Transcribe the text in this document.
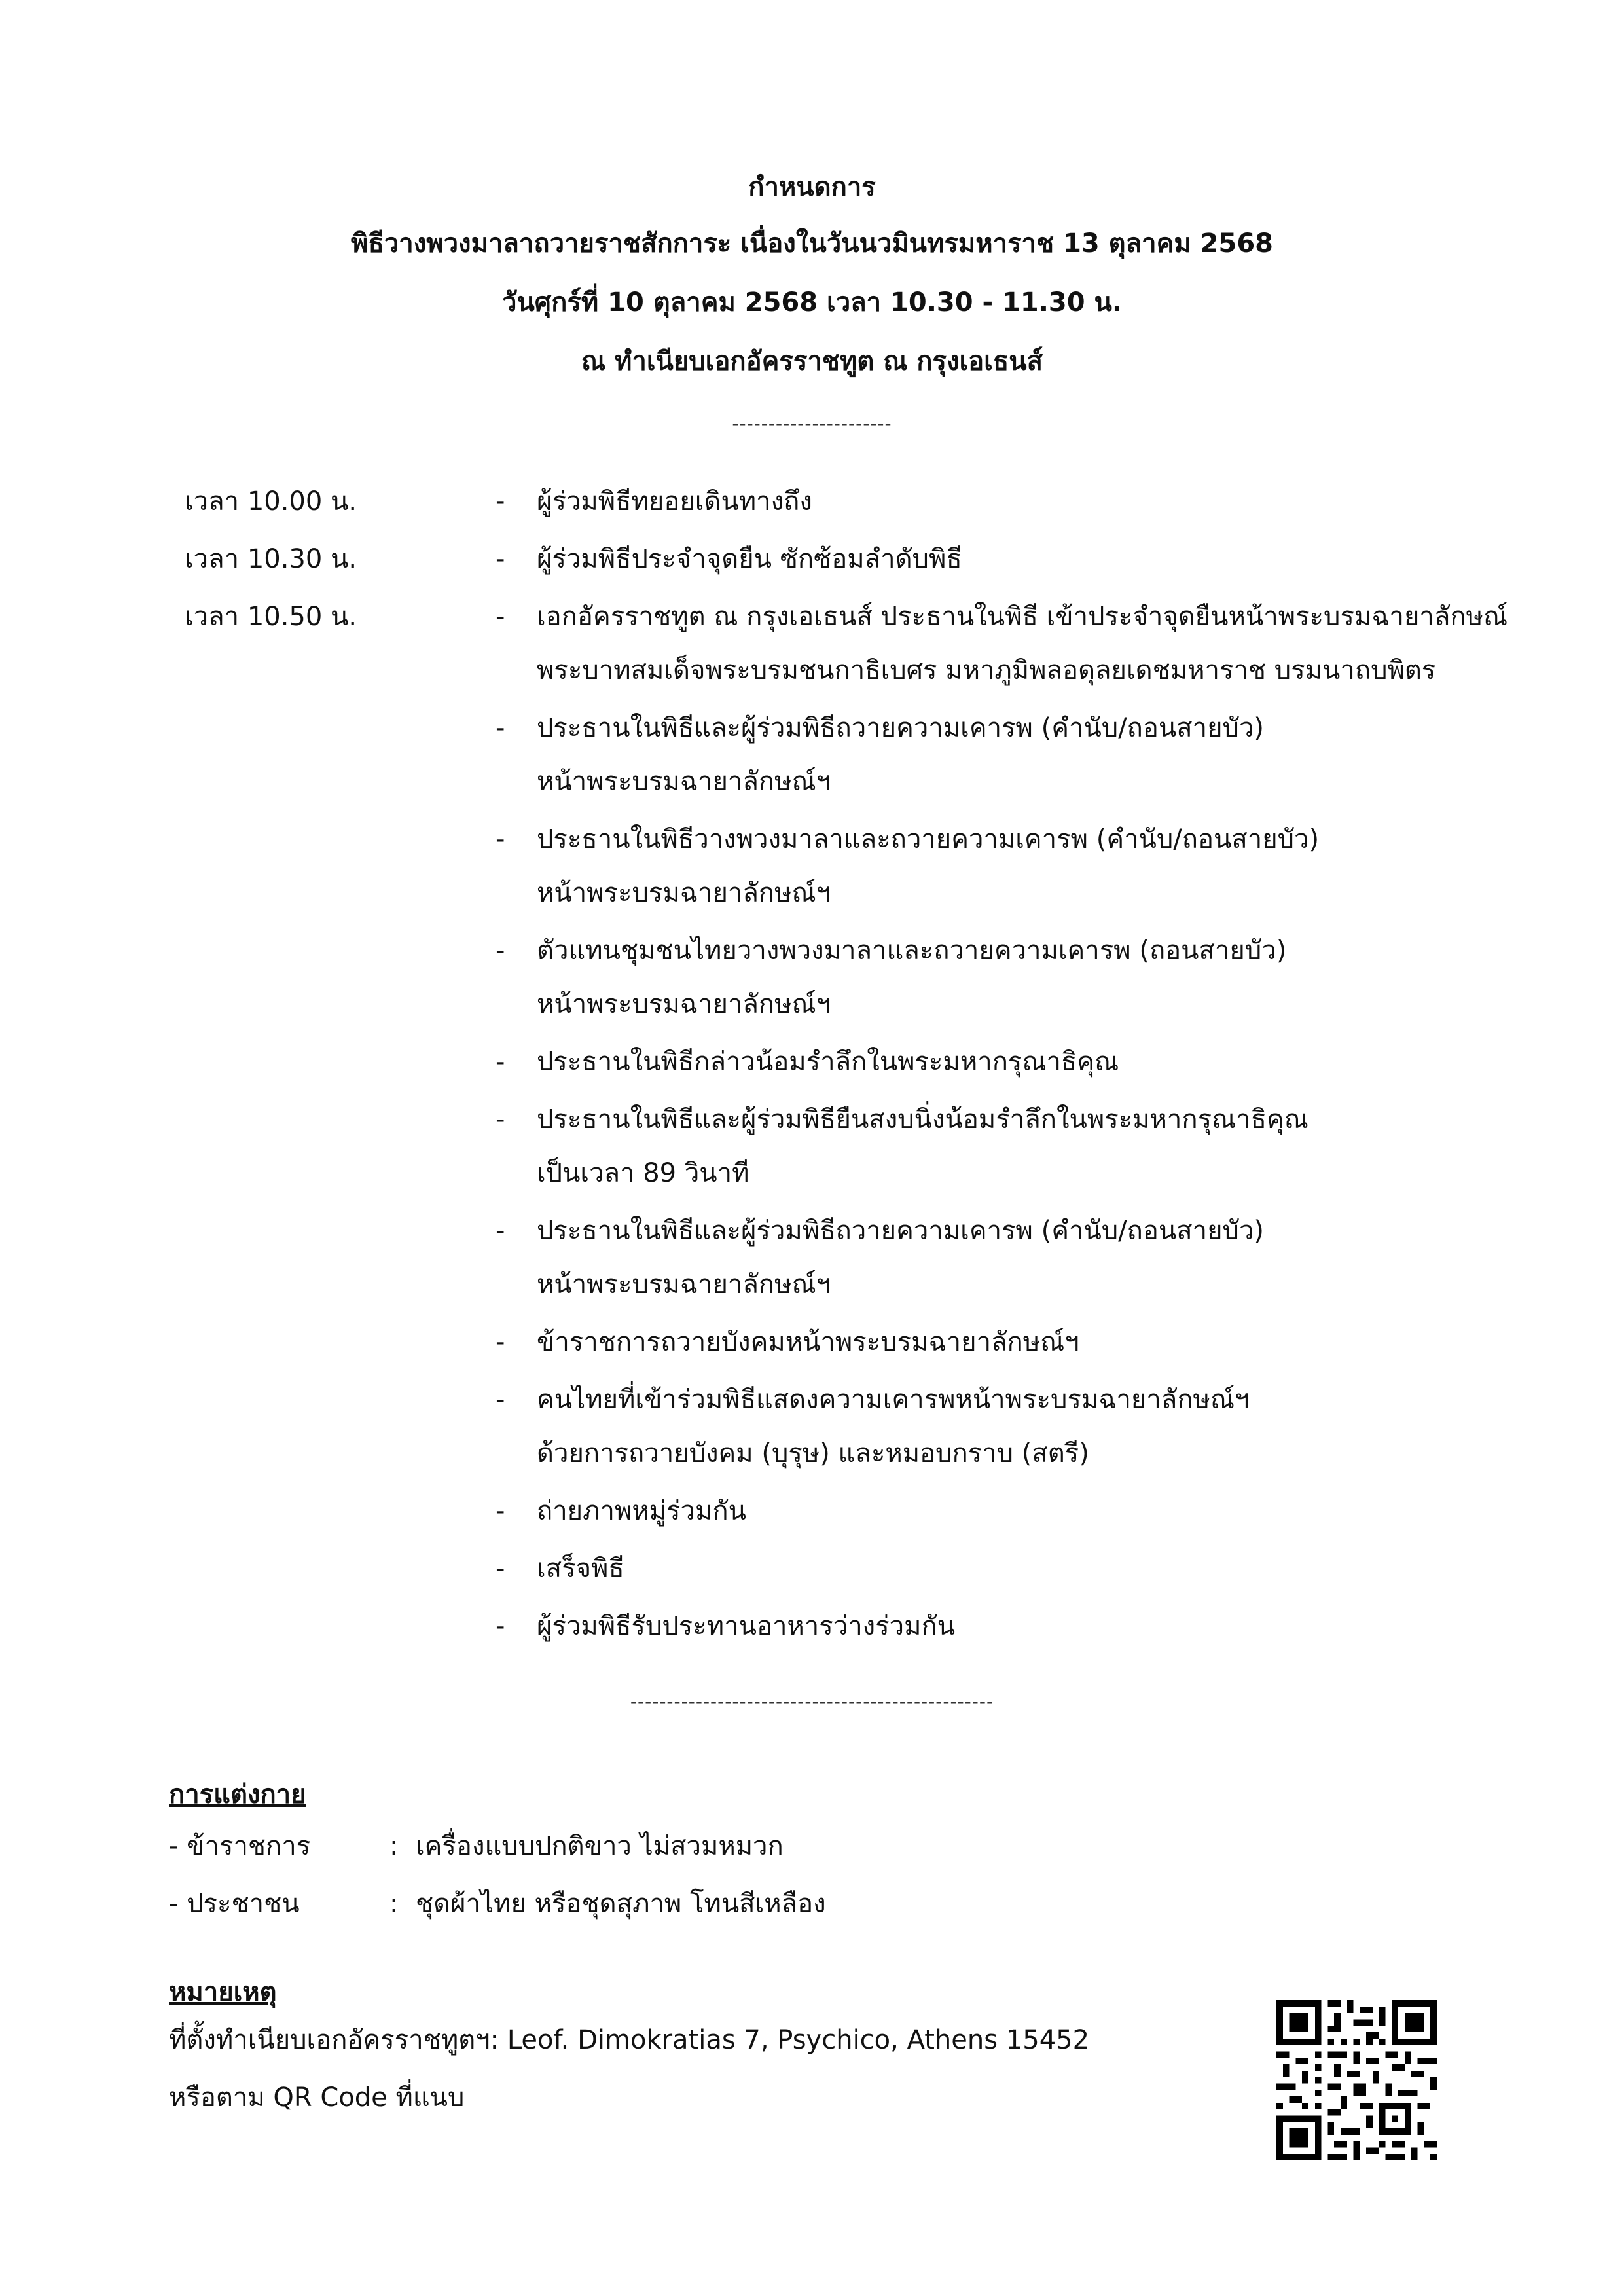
กำหนดการ
พิธีวางพวงมาลาถวายราชสักการะ เนื่องในวันนวมินทรมหาราช 13 ตุลาคม 2568
วันศุกร์ที่ 10 ตุลาคม 2568 เวลา 10.30 - 11.30 น.
ณ ทำเนียบเอกอัครราชทูต ณ กรุงเอเธนส์
----------------------
เวลา 10.00 น.	- ผู้ร่วมพิธีทยอยเดินทางถึง
เวลา 10.30 น.	- ผู้ร่วมพิธีประจำจุดยืน ซักซ้อมลำดับพิธี
เวลา 10.50 น.	- เอกอัครราชทูต ณ กรุงเอเธนส์ ประธานในพิธี เข้าประจำจุดยืนหน้าพระบรมฉายาลักษณ์
พระบาทสมเด็จพระบรมชนกาธิเบศร มหาภูมิพลอดุลยเดชมหาราช บรมนาถบพิตร
- ประธานในพิธีและผู้ร่วมพิธีถวายความเคารพ (คำนับ/ถอนสายบัว)
หน้าพระบรมฉายาลักษณ์ฯ
- ประธานในพิธีวางพวงมาลาและถวายความเคารพ (คำนับ/ถอนสายบัว)
หน้าพระบรมฉายาลักษณ์ฯ
- ตัวแทนชุมชนไทยวางพวงมาลาและถวายความเคารพ (ถอนสายบัว)
หน้าพระบรมฉายาลักษณ์ฯ
- ประธานในพิธีกล่าวน้อมรำลึกในพระมหากรุณาธิคุณ
- ประธานในพิธีและผู้ร่วมพิธียืนสงบนิ่งน้อมรำลึกในพระมหากรุณาธิคุณ
เป็นเวลา 89 วินาที
- ประธานในพิธีและผู้ร่วมพิธีถวายความเคารพ (คำนับ/ถอนสายบัว)
หน้าพระบรมฉายาลักษณ์ฯ
- ข้าราชการถวายบังคมหน้าพระบรมฉายาลักษณ์ฯ
- คนไทยที่เข้าร่วมพิธีแสดงความเคารพหน้าพระบรมฉายาลักษณ์ฯ
ด้วยการถวายบังคม (บุรุษ) และหมอบกราบ (สตรี)
- ถ่ายภาพหมู่ร่วมกัน
- เสร็จพิธี
- ผู้ร่วมพิธีรับประทานอาหารว่างร่วมกัน
--------------------------------------------------
การแต่งกาย
- ข้าราชการ	: เครื่องแบบปกติขาว ไม่สวมหมวก
- ประชาชน	: ชุดผ้าไทย หรือชุดสุภาพ โทนสีเหลือง
หมายเหตุ
ที่ตั้งทำเนียบเอกอัครราชทูตฯ: Leof. Dimokratias 7, Psychico, Athens 15452
หรือตาม QR Code ที่แนบ
